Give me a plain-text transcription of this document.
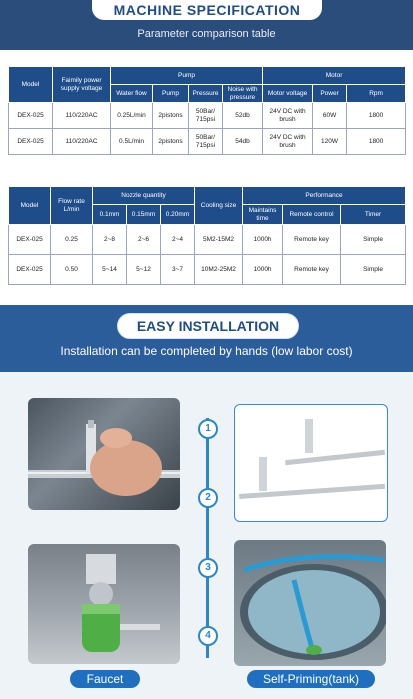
MACHINE SPECIFICATION
Parameter comparison table
Model	Faimily power supply voltage	Pump				Motor		
		Water flow	Pump	Pressure	Noise with pressure	Motor voltage	Power	Rpm
DEX-025	110/220AC	0.25L/min	2pistons	50Bar/ 715psi	52db	24V DC with brush	60W	1800
DEX-025	110/220AC	0.5L/min	2pistons	50Bar/ 715psi	54db	24V DC with brush	120W	1800
Model	Flow rate L/min	Nozzle quantity			Cooling size	Performance		
		0.1mm	0.15mm	0.20mm		Maintains time	Remote control	Timer
DEX-025	0.25	2~8	2~6	2~4	5M2-15M2	1000h	Remote key	Simple
DEX-025	0.50	5~14	5~12	3~7	10M2-25M2	1000h	Remote key	Simple
EASY INSTALLATION
Installation can be completed by hands (low labor cost)
1
2
3
4
Faucet	Self-Priming(tank)
